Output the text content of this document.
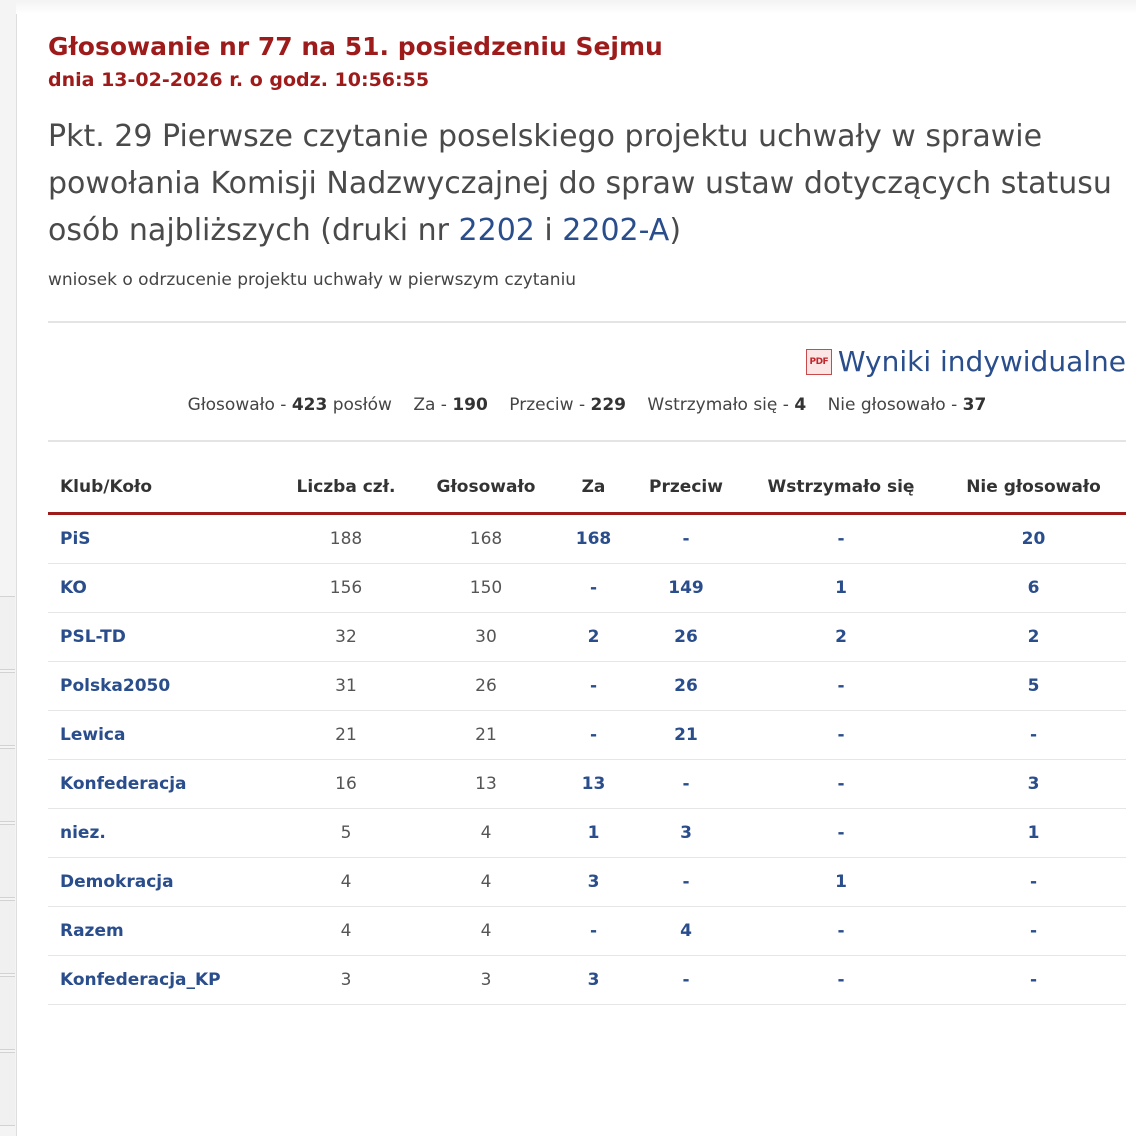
Głosowanie nr 77 na 51. posiedzeniu Sejmu
dnia 13-02-2026 r. o godz. 10:56:55
Pkt. 29 Pierwsze czytanie poselskiego projektu uchwały w sprawie powołania Komisji Nadzwyczajnej do spraw ustaw dotyczących statusu osób najbliższych (druki nr 2202 i 2202-A)
wniosek o odrzucenie projektu uchwały w pierwszym czytaniu
PDF Wyniki indywidualne
Głosowało - 423 posłów Za - 190 Przeciw - 229 Wstrzymało się - 4 Nie głosowało - 37
Klub/Koło	Liczba czł.	Głosowało	Za	Przeciw	Wstrzymało się	Nie głosowało
PiS	188	168	168	-	-	20
KO	156	150	-	149	1	6
PSL-TD	32	30	2	26	2	2
Polska2050	31	26	-	26	-	5
Lewica	21	21	-	21	-	-
Konfederacja	16	13	13	-	-	3
niez.	5	4	1	3	-	1
Demokracja	4	4	3	-	1	-
Razem	4	4	-	4	-	-
Konfederacja_KP	3	3	3	-	-	-
